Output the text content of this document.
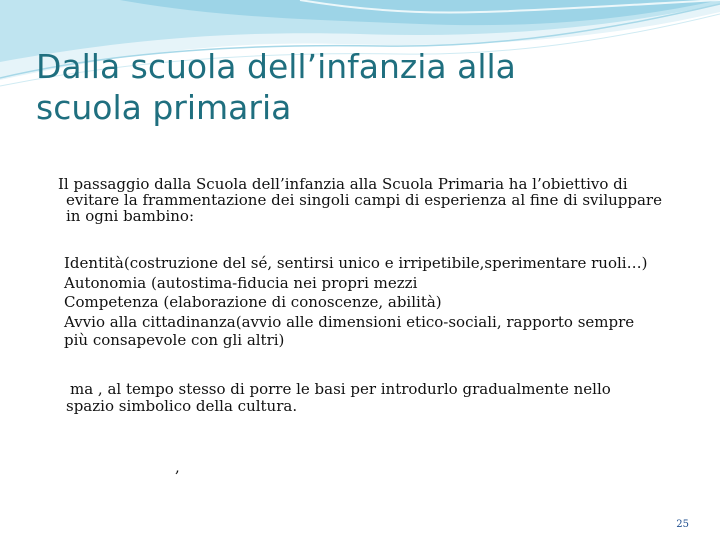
Dalla scuola dell’infanzia alla
scuola primaria

Il passaggio dalla Scuola dell’infanzia alla Scuola Primaria ha l’obiettivo di
evitare la frammentazione dei singoli campi di esperienza al fine di sviluppare
in ogni bambino:

Identità(costruzione del sé, sentirsi unico e irripetibile,sperimentare ruoli…)
Autonomia (autostima-fiducia nei propri mezzi
Competenza (elaborazione di conoscenze, abilità)
Avvio alla cittadinanza(avvio alle dimensioni etico-sociali, rapporto sempre
più consapevole con gli altri)

ma , al tempo stesso di porre le basi per introdurlo gradualmente nello
spazio simbolico della cultura.

,

25
